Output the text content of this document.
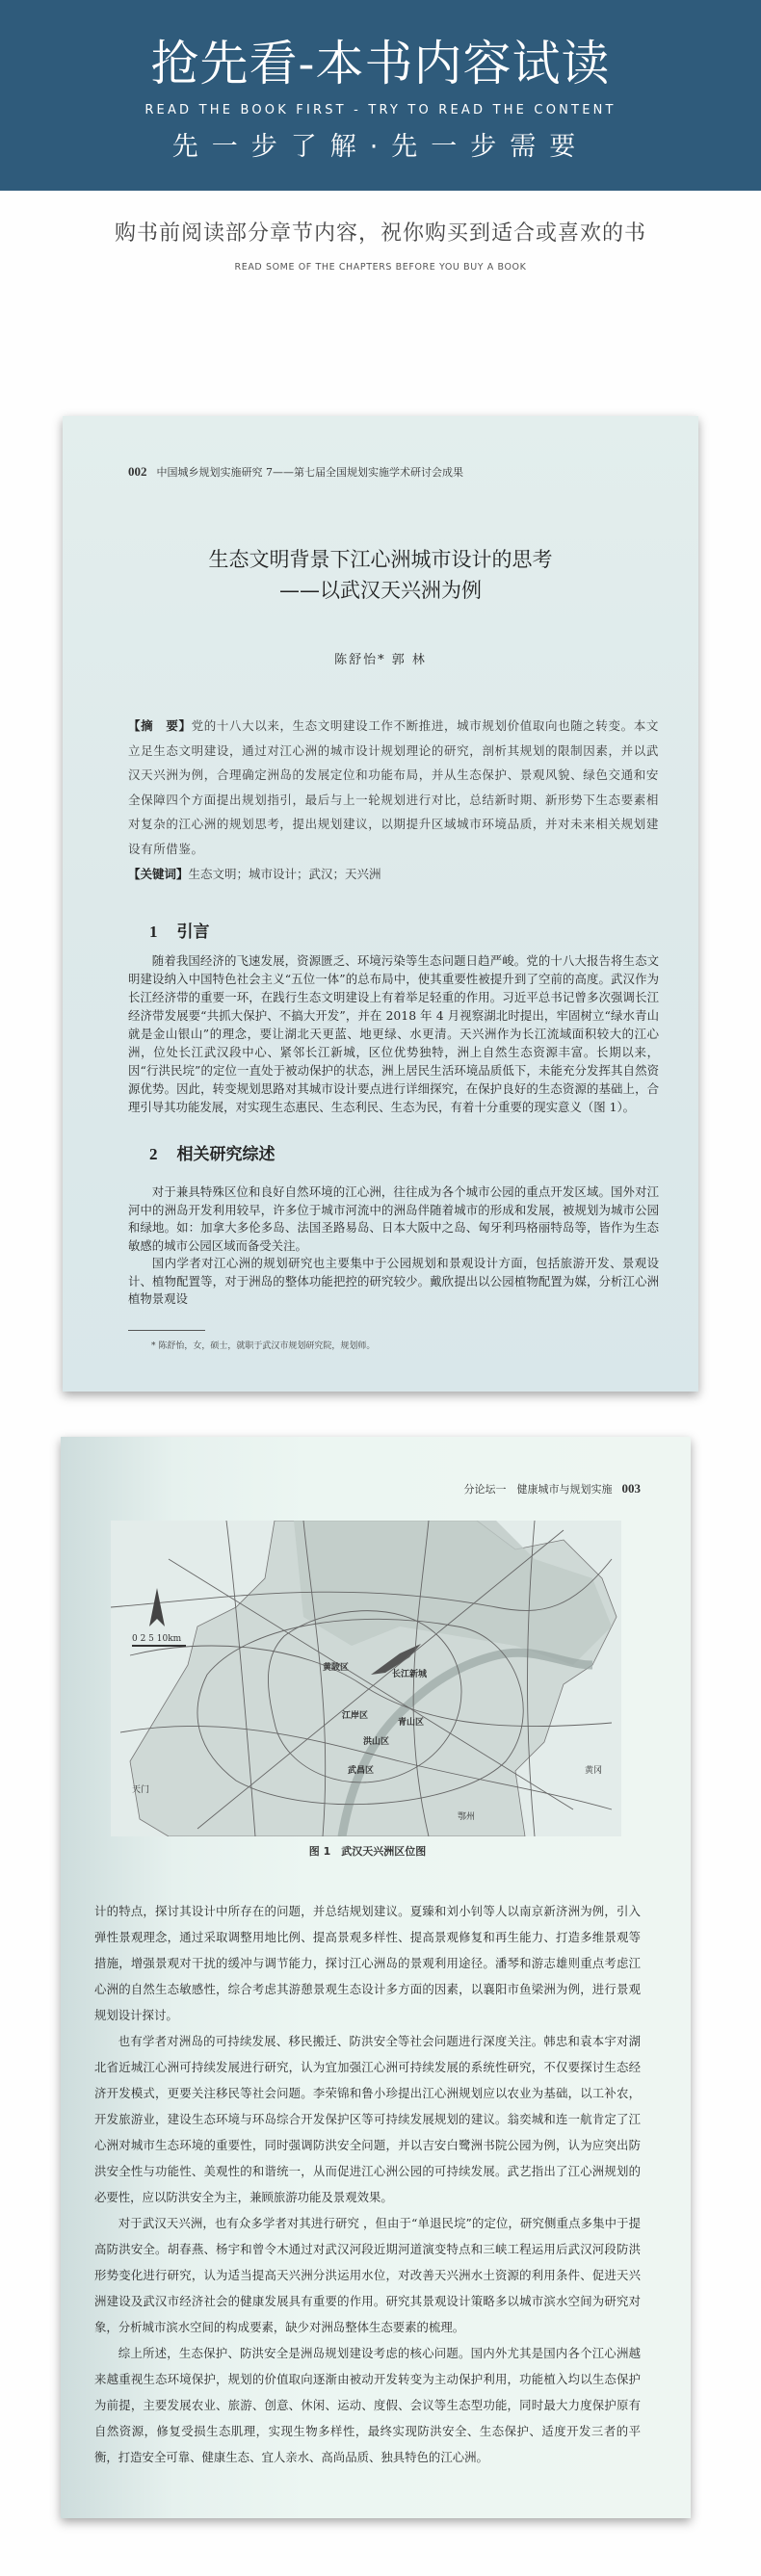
抢先看-本书内容试读
READ THE BOOK FIRST - TRY TO READ THE CONTENT
先一步了解·先一步需要
购书前阅读部分章节内容，祝你购买到适合或喜欢的书
READ SOME OF THE CHAPTERS BEFORE YOU BUY A BOOK
002 中国城乡规划实施研究 7——第七届全国规划实施学术研讨会成果
生态文明背景下江心洲城市设计的思考
——以武汉天兴洲为例
陈舒怡* 郭 林
【摘　要】党的十八大以来，生态文明建设工作不断推进，城市规划价值取向也随之转变。本文立足生态文明建设，通过对江心洲的城市设计规划理论的研究，剖析其规划的限制因素，并以武汉天兴洲为例，合理确定洲岛的发展定位和功能布局，并从生态保护、景观风貌、绿色交通和安全保障四个方面提出规划指引，最后与上一轮规划进行对比，总结新时期、新形势下生态要素相对复杂的江心洲的规划思考，提出规划建议，以期提升区域城市环境品质，并对未来相关规划建设有所借鉴。
【关键词】生态文明；城市设计；武汉；天兴洲
1 引言

随着我国经济的飞速发展，资源匮乏、环境污染等生态问题日趋严峻。党的十八大报告将生态文明建设纳入中国特色社会主义“五位一体”的总布局中，使其重要性被提升到了空前的高度。武汉作为长江经济带的重要一环，在践行生态文明建设上有着举足轻重的作用。习近平总书记曾多次强调长江经济带发展要“共抓大保护、不搞大开发”，并在 2018 年 4 月视察湖北时提出，牢固树立“绿水青山就是金山银山”的理念，要让湖北天更蓝、地更绿、水更清。天兴洲作为长江流域面积较大的江心洲，位处长江武汉段中心、紧邻长江新城，区位优势独特，洲上自然生态资源丰富。长期以来，因“行洪民垸”的定位一直处于被动保护的状态，洲上居民生活环境品质低下，未能充分发挥其自然资源优势。因此，转变规划思路对其城市设计要点进行详细探究，在保护良好的生态资源的基础上，合理引导其功能发展，对实现生态惠民、生态利民、生态为民，有着十分重要的现实意义（图 1）。

2 相关研究综述

对于兼具特殊区位和良好自然环境的江心洲，往往成为各个城市公园的重点开发区域。国外对江河中的洲岛开发利用较早，许多位于城市河流中的洲岛伴随着城市的形成和发展，被规划为城市公园和绿地。如：加拿大多伦多岛、法国圣路易岛、日本大阪中之岛、匈牙利玛格丽特岛等，皆作为生态敏感的城市公园区域而备受关注。

国内学者对江心洲的规划研究也主要集中于公园规划和景观设计方面，包括旅游开发、景观设计、植物配置等，对于洲岛的整体功能把控的研究较少。戴欣提出以公园植物配置为媒，分析江心洲植物景观设

* 陈舒怡，女，硕士，就职于武汉市规划研究院，规划师。
分论坛一　健康城市与规划实施 003
0 2 5 10km
黄陂区
长江新城
江岸区
青山区
洪山区
武昌区
天门
黄冈
鄂州
图 1　武汉天兴洲区位图

计的特点，探讨其设计中所存在的问题，并总结规划建议。夏臻和刘小钊等人以南京新济洲为例，引入弹性景观理念，通过采取调整用地比例、提高景观多样性、提高景观修复和再生能力、打造多维景观等措施，增强景观对干扰的缓冲与调节能力，探讨江心洲岛的景观利用途径。潘琴和游志雄则重点考虑江心洲的自然生态敏感性，综合考虑其游憩景观生态设计多方面的因素，以襄阳市鱼梁洲为例，进行景观规划设计探讨。

也有学者对洲岛的可持续发展、移民搬迁、防洪安全等社会问题进行深度关注。韩忠和袁本宇对湖北省近城江心洲可持续发展进行研究，认为宜加强江心洲可持续发展的系统性研究，不仅要探讨生态经济开发模式，更要关注移民等社会问题。李荣锦和鲁小珍提出江心洲规划应以农业为基础，以工补农，开发旅游业，建设生态环境与环岛综合开发保护区等可持续发展规划的建议。翁奕城和连一航肯定了江心洲对城市生态环境的重要性，同时强调防洪安全问题，并以吉安白鹭洲书院公园为例，认为应突出防洪安全性与功能性、美观性的和谐统一，从而促进江心洲公园的可持续发展。武艺指出了江心洲规划的必要性，应以防洪安全为主，兼顾旅游功能及景观效果。

对于武汉天兴洲，也有众多学者对其进行研究 ，但由于“单退民垸”的定位，研究侧重点多集中于提高防洪安全。胡春燕、杨宇和曾令木通过对武汉河段近期河道演变特点和三峡工程运用后武汉河段防洪形势变化进行研究，认为适当提高天兴洲分洪运用水位，对改善天兴洲水土资源的利用条件、促进天兴洲建设及武汉市经济社会的健康发展具有重要的作用。研究其景观设计策略多以城市滨水空间为研究对象，分析城市滨水空间的构成要素，缺少对洲岛整体生态要素的梳理。

综上所述，生态保护、防洪安全是洲岛规划建设考虑的核心问题。国内外尤其是国内各个江心洲越来越重视生态环境保护，规划的价值取向逐渐由被动开发转变为主动保护利用，功能植入均以生态保护为前提，主要发展农业、旅游、创意、休闲、运动、度假、会议等生态型功能，同时最大力度保护原有自然资源，修复受损生态肌理，实现生物多样性，最终实现防洪安全、生态保护、适度开发三者的平衡，打造安全可靠、健康生态、宜人亲水、高尚品质、独具特色的江心洲。
